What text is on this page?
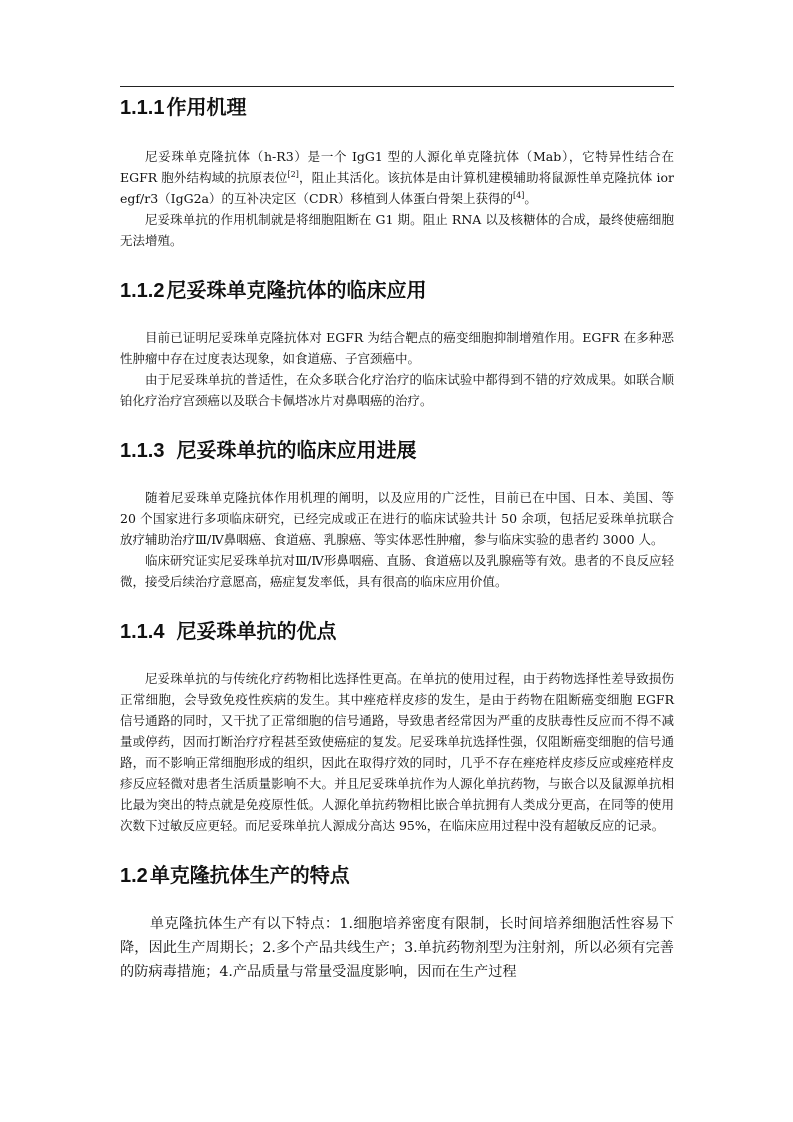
1.1.1 作用机理

尼妥珠单克隆抗体（h-R3）是一个 IgG1 型的人源化单克隆抗体（Mab），它特异性结合在 EGFR 胞外结构域的抗原表位[2]，阻止其活化。该抗体是由计算机建模辅助将鼠源性单克隆抗体 ior egf/r3（IgG2a）的互补决定区（CDR）移植到人体蛋白骨架上获得的[4]。

尼妥珠单抗的作用机制就是将细胞阻断在 G1 期。阻止 RNA 以及核糖体的合成，最终使癌细胞无法增殖。

1.1.2 尼妥珠单克隆抗体的临床应用

目前已证明尼妥珠单克隆抗体对 EGFR 为结合靶点的癌变细胞抑制增殖作用。EGFR 在多种恶性肿瘤中存在过度表达现象，如食道癌、子宫颈癌中。

由于尼妥珠单抗的普适性，在众多联合化疗治疗的临床试验中都得到不错的疗效成果。如联合顺铂化疗治疗宫颈癌以及联合卡佩塔冰片对鼻咽癌的治疗。

1.1.3 尼妥珠单抗的临床应用进展

随着尼妥珠单克隆抗体作用机理的阐明，以及应用的广泛性，目前已在中国、日本、美国、等 20 个国家进行多项临床研究，已经完成或正在进行的临床试验共计 50 余项，包括尼妥珠单抗联合放疗辅助治疗Ⅲ/Ⅳ鼻咽癌、食道癌、乳腺癌、等实体恶性肿瘤，参与临床实验的患者约 3000 人。

临床研究证实尼妥珠单抗对Ⅲ/Ⅳ形鼻咽癌、直肠、食道癌以及乳腺癌等有效。患者的不良反应轻微，接受后续治疗意愿高，癌症复发率低，具有很高的临床应用价值。

1.1.4 尼妥珠单抗的优点

尼妥珠单抗的与传统化疗药物相比选择性更高。在单抗的使用过程，由于药物选择性差导致损伤正常细胞，会导致免疫性疾病的发生。其中痤疮样皮疹的发生，是由于药物在阻断癌变细胞 EGFR 信号通路的同时，又干扰了正常细胞的信号通路，导致患者经常因为严重的皮肤毒性反应而不得不减量或停药，因而打断治疗疗程甚至致使癌症的复发。尼妥珠单抗选择性强，仅阻断癌变细胞的信号通路，而不影响正常细胞形成的组织，因此在取得疗效的同时，几乎不存在痤疮样皮疹反应或痤疮样皮疹反应轻微对患者生活质量影响不大。并且尼妥珠单抗作为人源化单抗药物，与嵌合以及鼠源单抗相比最为突出的特点就是免疫原性低。人源化单抗药物相比嵌合单抗拥有人类成分更高，在同等的使用次数下过敏反应更轻。而尼妥珠单抗人源成分高达 95%，在临床应用过程中没有超敏反应的记录。

1.2 单克隆抗体生产的特点

单克隆抗体生产有以下特点：1.细胞培养密度有限制，长时间培养细胞活性容易下降，因此生产周期长；2.多个产品共线生产；3.单抗药物剂型为注射剂，所以必须有完善的防病毒措施；4.产品质量与常量受温度影响，因而在生产过程
